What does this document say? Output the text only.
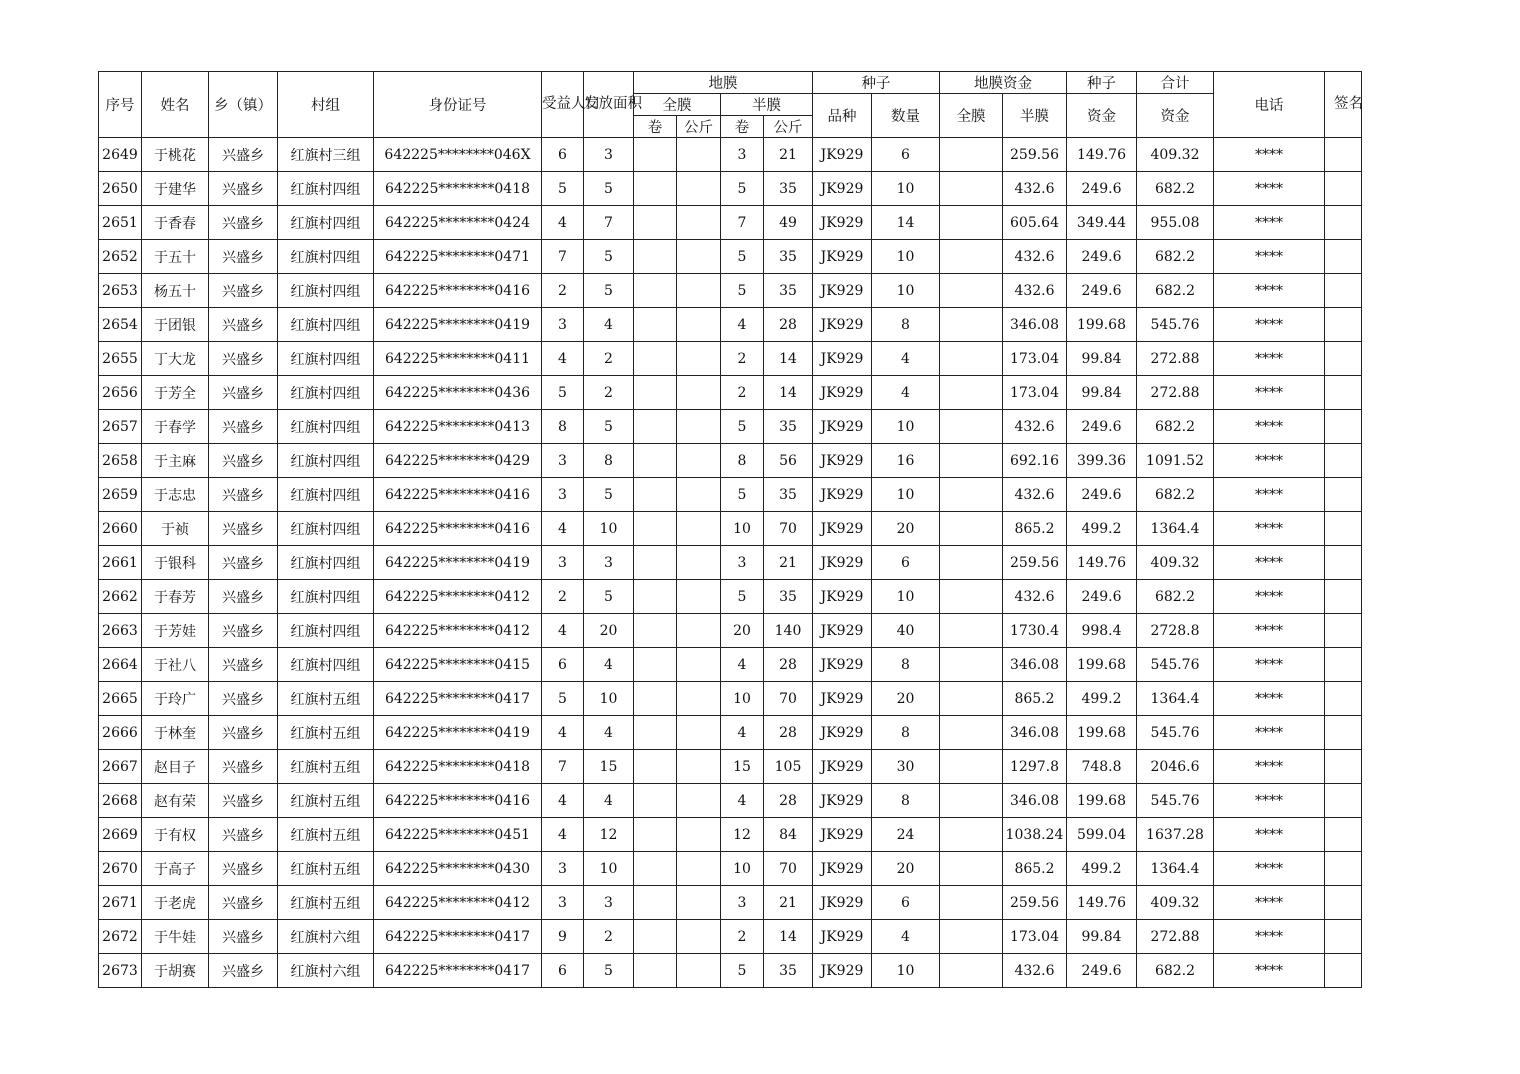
序号	姓名	乡（镇）	村组	身份证号	受益人口	发放面积	地膜				种子		地膜资金		种子	合计	电话	签名
							全膜		半膜		品种	数量	全膜	半膜	资金	资金		
							卷	公斤	卷	公斤								
2649	于桃花	兴盛乡	红旗村三组	642225********046X	6	3			3	21	JK929	6		259.56	149.76	409.32	****	
2650	于建华	兴盛乡	红旗村四组	642225********0418	5	5			5	35	JK929	10		432.6	249.6	682.2	****	
2651	于香春	兴盛乡	红旗村四组	642225********0424	4	7			7	49	JK929	14		605.64	349.44	955.08	****	
2652	于五十	兴盛乡	红旗村四组	642225********0471	7	5			5	35	JK929	10		432.6	249.6	682.2	****	
2653	杨五十	兴盛乡	红旗村四组	642225********0416	2	5			5	35	JK929	10		432.6	249.6	682.2	****	
2654	于团银	兴盛乡	红旗村四组	642225********0419	3	4			4	28	JK929	8		346.08	199.68	545.76	****	
2655	丁大龙	兴盛乡	红旗村四组	642225********0411	4	2			2	14	JK929	4		173.04	99.84	272.88	****	
2656	于芳全	兴盛乡	红旗村四组	642225********0436	5	2			2	14	JK929	4		173.04	99.84	272.88	****	
2657	于春学	兴盛乡	红旗村四组	642225********0413	8	5			5	35	JK929	10		432.6	249.6	682.2	****	
2658	于主麻	兴盛乡	红旗村四组	642225********0429	3	8			8	56	JK929	16		692.16	399.36	1091.52	****	
2659	于志忠	兴盛乡	红旗村四组	642225********0416	3	5			5	35	JK929	10		432.6	249.6	682.2	****	
2660	于祯	兴盛乡	红旗村四组	642225********0416	4	10			10	70	JK929	20		865.2	499.2	1364.4	****	
2661	于银科	兴盛乡	红旗村四组	642225********0419	3	3			3	21	JK929	6		259.56	149.76	409.32	****	
2662	于春芳	兴盛乡	红旗村四组	642225********0412	2	5			5	35	JK929	10		432.6	249.6	682.2	****	
2663	于芳娃	兴盛乡	红旗村四组	642225********0412	4	20			20	140	JK929	40		1730.4	998.4	2728.8	****	
2664	于社八	兴盛乡	红旗村四组	642225********0415	6	4			4	28	JK929	8		346.08	199.68	545.76	****	
2665	于玲广	兴盛乡	红旗村五组	642225********0417	5	10			10	70	JK929	20		865.2	499.2	1364.4	****	
2666	于林奎	兴盛乡	红旗村五组	642225********0419	4	4			4	28	JK929	8		346.08	199.68	545.76	****	
2667	赵目子	兴盛乡	红旗村五组	642225********0418	7	15			15	105	JK929	30		1297.8	748.8	2046.6	****	
2668	赵有荣	兴盛乡	红旗村五组	642225********0416	4	4			4	28	JK929	8		346.08	199.68	545.76	****	
2669	于有权	兴盛乡	红旗村五组	642225********0451	4	12			12	84	JK929	24		1038.24	599.04	1637.28	****	
2670	于高子	兴盛乡	红旗村五组	642225********0430	3	10			10	70	JK929	20		865.2	499.2	1364.4	****	
2671	于老虎	兴盛乡	红旗村五组	642225********0412	3	3			3	21	JK929	6		259.56	149.76	409.32	****	
2672	于牛娃	兴盛乡	红旗村六组	642225********0417	9	2			2	14	JK929	4		173.04	99.84	272.88	****	
2673	于胡赛	兴盛乡	红旗村六组	642225********0417	6	5			5	35	JK929	10		432.6	249.6	682.2	****	
